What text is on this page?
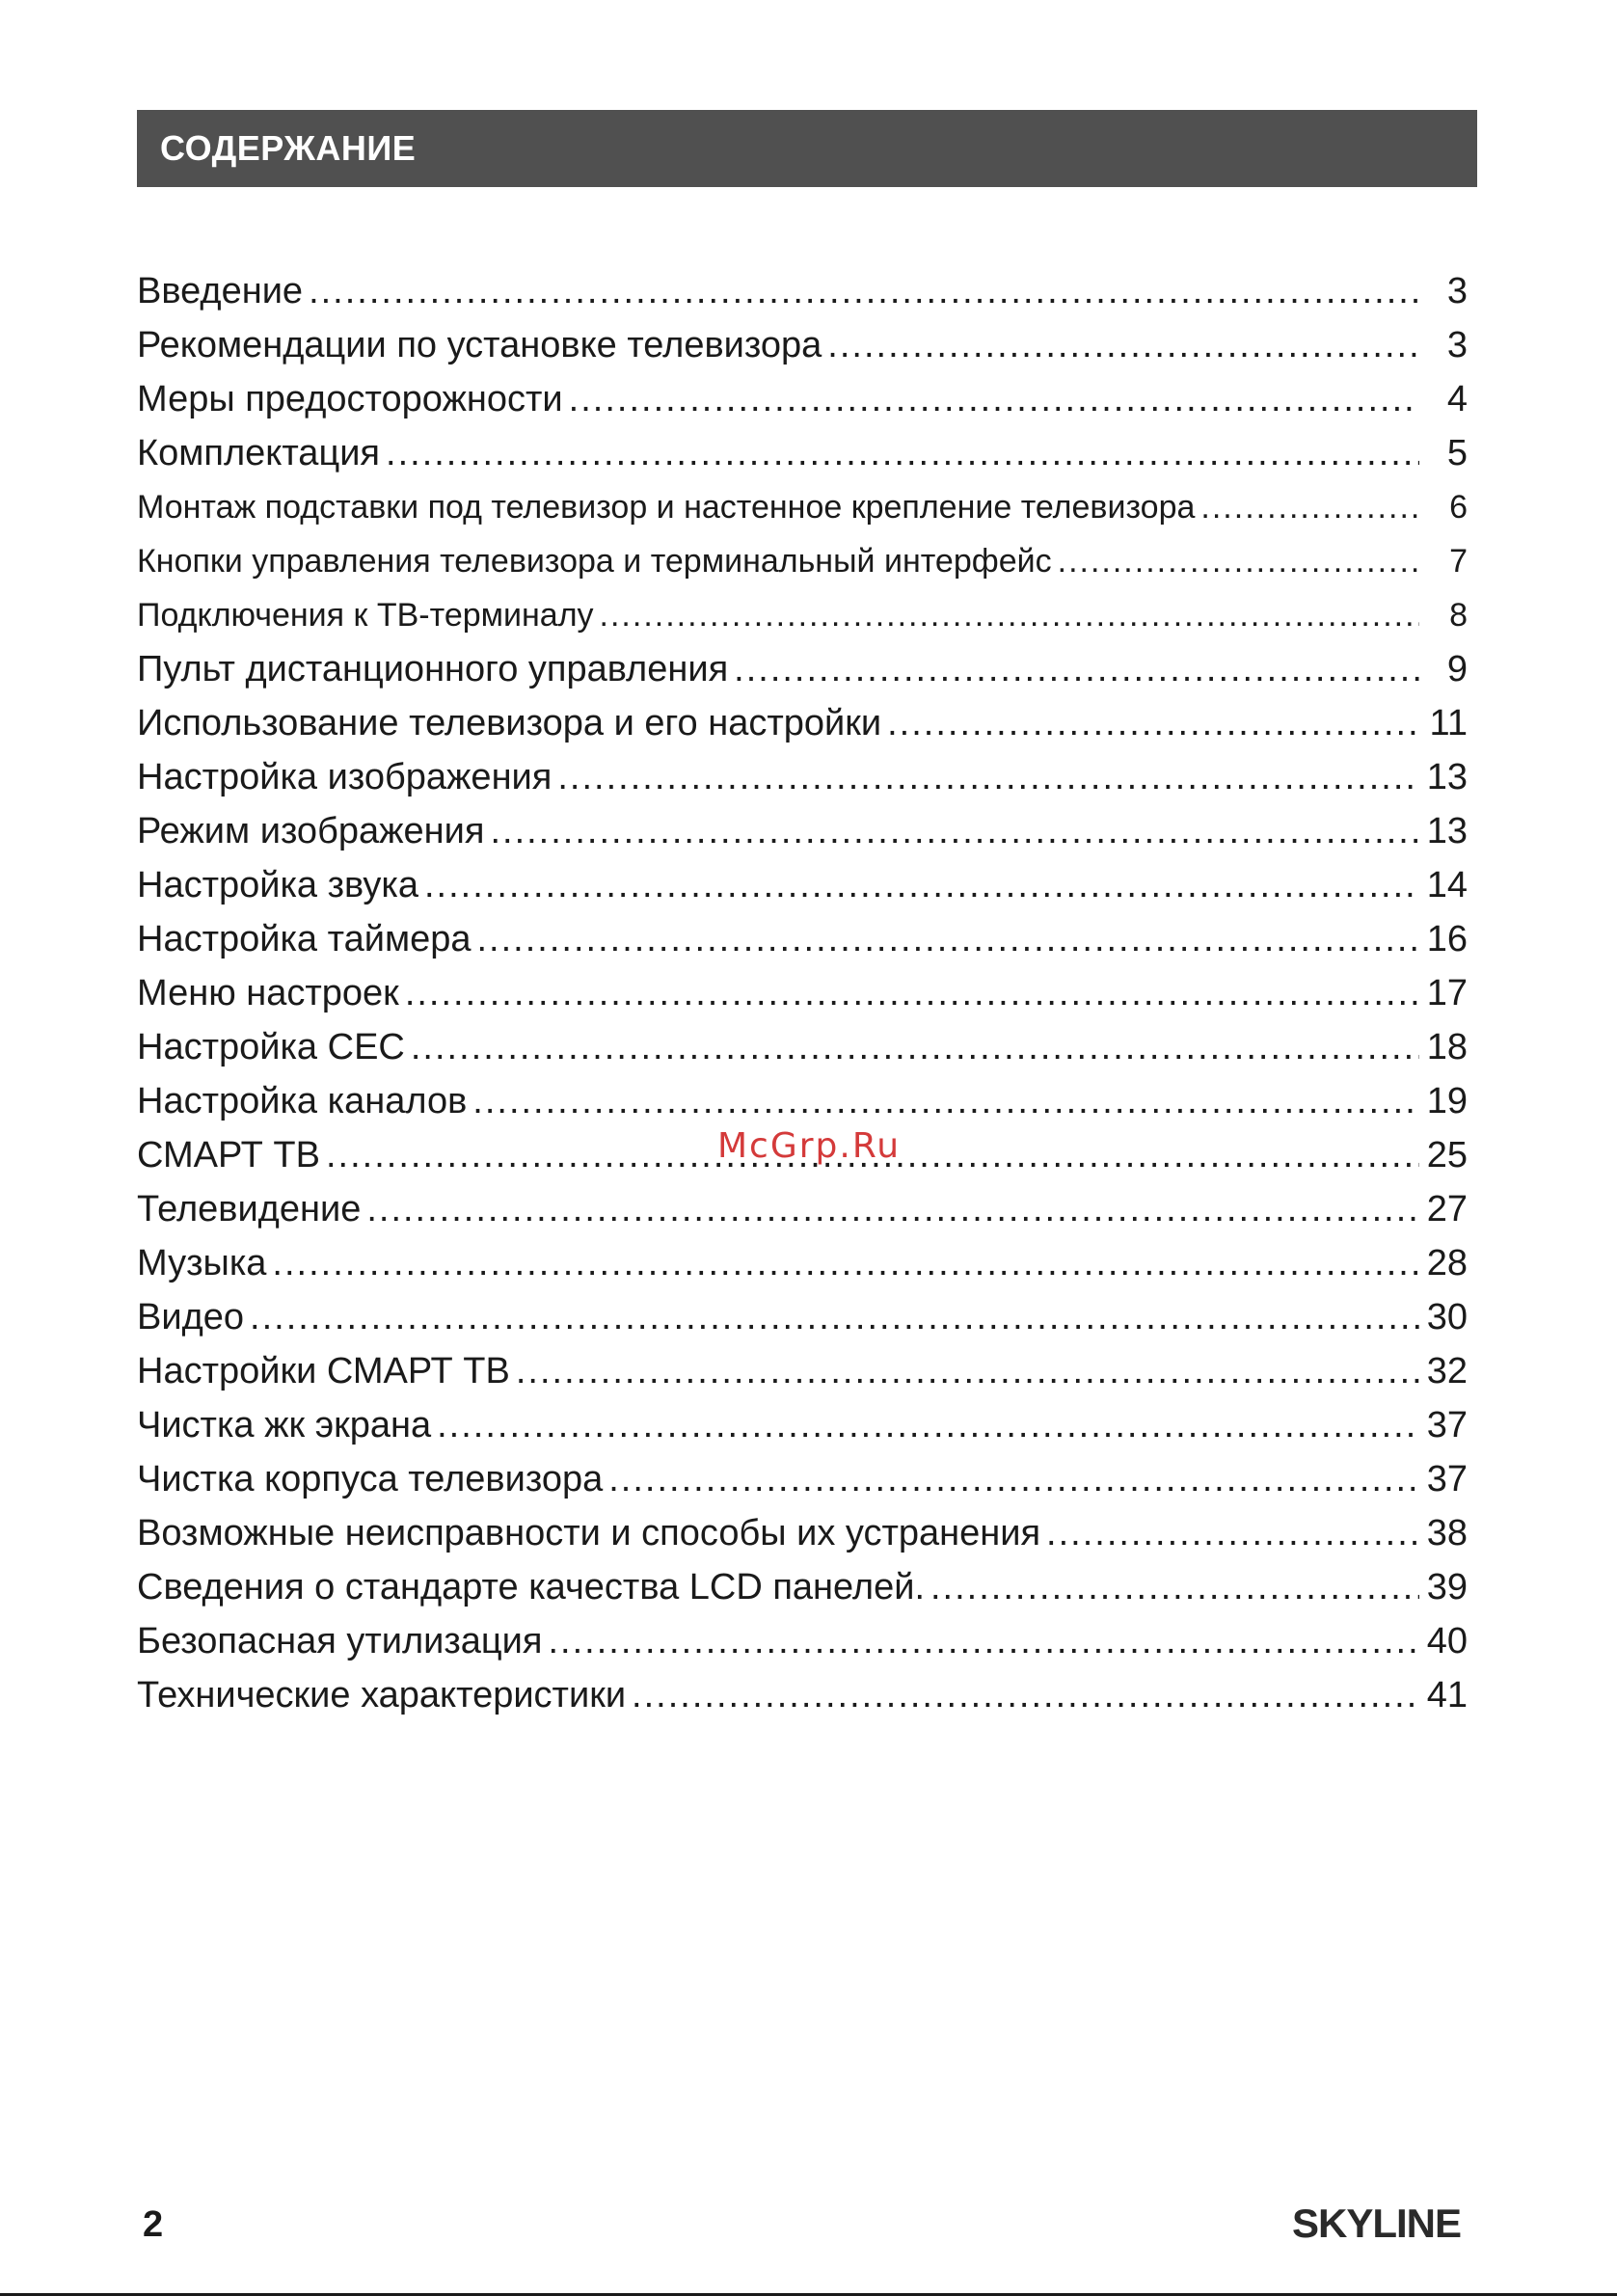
СОДЕРЖАНИЕ
Введение .....	3
Рекомендации по установке телевизора .....	3
Меры предосторожности .....	4
Комплектация .....	5
Монтаж подставки под телевизор и настенное крепление телевизора .....	6
Кнопки управления телевизора и терминальный интерфейс .....	7
Подключения к ТВ-терминалу .....	8
Пульт дистанционного управления .....	9
Использование телевизора и его настройки .....	11
Настройка изображения .....	13
Режим изображения .....	13
Настройка звука .....	14
Настройка таймера .....	16
Меню настроек .....	17
Настройка СЕС .....	18
Настройка каналов .....	19
СМАРТ ТВ .....	25
Телевидение .....	27
Музыка .....	28
Видео .....	30
Настройки СМАРТ ТВ .....	32
Чистка жк экрана .....	37
Чистка корпуса телевизора .....	37
Возможные неисправности и способы их устранения .....	38
Сведения о стандарте качества LCD панелей. .....	39
Безопасная утилизация .....	40
Технические характеристики .....	41
McGrp.Ru
2	SKYLINE
